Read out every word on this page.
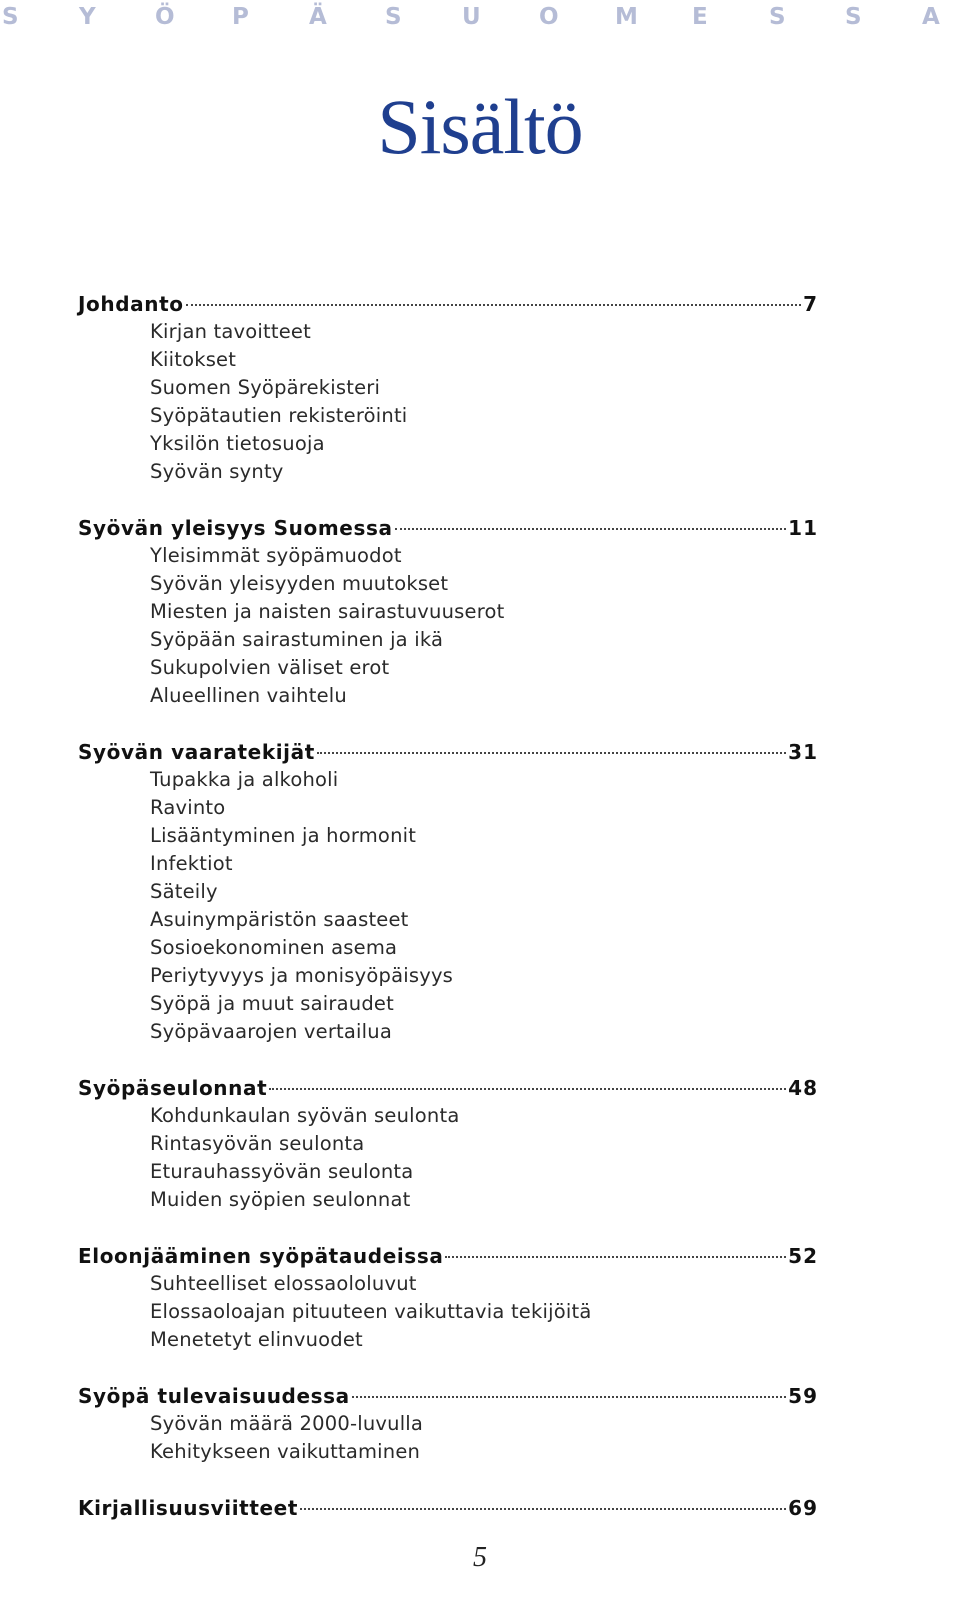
S	Y	Ö P	Ä	S	U	O M E	S	S	A
Sisältö
Johdanto	7
Kirjan tavoitteet
Kiitokset
Suomen Syöpärekisteri
Syöpätautien rekisteröinti
Yksilön tietosuoja
Syövän synty
Syövän yleisyys Suomessa	11
Yleisimmät syöpämuodot
Syövän yleisyyden muutokset
Miesten ja naisten sairastuvuuserot
Syöpään sairastuminen ja ikä
Sukupolvien väliset erot
Alueellinen vaihtelu
Syövän vaaratekijät	31
Tupakka ja alkoholi
Ravinto
Lisääntyminen ja hormonit
Infektiot
Säteily
Asuinympäristön saasteet
Sosioekonominen asema
Periytyvyys ja monisyöpäisyys
Syöpä ja muut sairaudet
Syöpävaarojen vertailua
Syöpäseulonnat	48
Kohdunkaulan syövän seulonta
Rintasyövän seulonta
Eturauhassyövän seulonta
Muiden syöpien seulonnat
Eloonjääminen syöpätaudeissa	52
Suhteelliset elossaololuvut
Elossaoloajan pituuteen vaikuttavia tekijöitä
Menetetyt elinvuodet
Syöpä tulevaisuudessa	59
Syövän määrä 2000-luvulla
Kehitykseen vaikuttaminen
Kirjallisuusviitteet	69
5
